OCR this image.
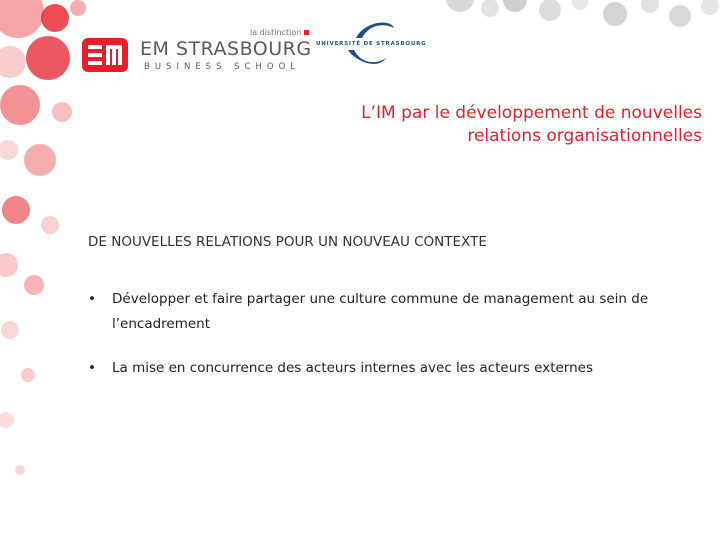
la distinction
EM STRASBOURG
BUSINESS SCHOOL
UNIVERSITÉ DE STRASBOURG
L’IM par le développement de nouvelles
relations organisationnelles
DE NOUVELLES RELATIONS POUR UN NOUVEAU CONTEXTE
• Développer et faire partager une culture commune de management au sein de l’encadrement
• La mise en concurrence des acteurs internes avec les acteurs externes
